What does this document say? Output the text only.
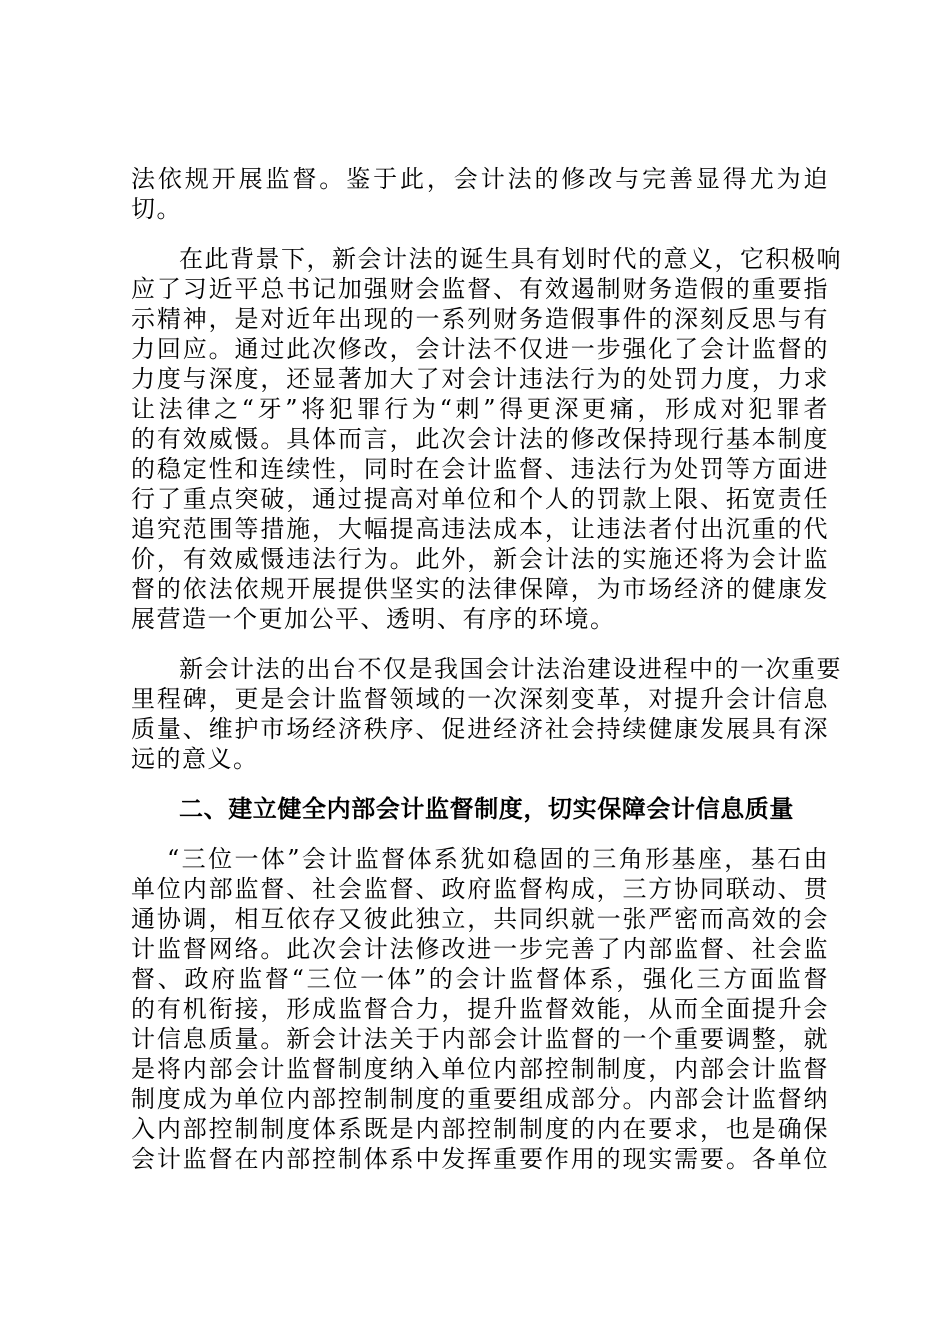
法依规开展监督。鉴于此，会计法的修改与完善显得尤为迫
切。
在此背景下，新会计法的诞生具有划时代的意义，它积极响
应了习近平总书记加强财会监督、有效遏制财务造假的重要指
示精神，是对近年出现的一系列财务造假事件的深刻反思与有
力回应。通过此次修改，会计法不仅进一步强化了会计监督的
力度与深度，还显著加大了对会计违法行为的处罚力度，力求
让法律之“牙”将犯罪行为“刺”得更深更痛，形成对犯罪者
的有效威慑。具体而言，此次会计法的修改保持现行基本制度
的稳定性和连续性，同时在会计监督、违法行为处罚等方面进
行了重点突破，通过提高对单位和个人的罚款上限、拓宽责任
追究范围等措施，大幅提高违法成本，让违法者付出沉重的代
价，有效威慑违法行为。此外，新会计法的实施还将为会计监
督的依法依规开展提供坚实的法律保障，为市场经济的健康发
展营造一个更加公平、透明、有序的环境。
新会计法的出台不仅是我国会计法治建设进程中的一次重要
里程碑，更是会计监督领域的一次深刻变革，对提升会计信息
质量、维护市场经济秩序、促进经济社会持续健康发展具有深
远的意义。
二、建立健全内部会计监督制度，切实保障会计信息质量
“三位一体”会计监督体系犹如稳固的三角形基座，基石由
单位内部监督、社会监督、政府监督构成，三方协同联动、贯
通协调，相互依存又彼此独立，共同织就一张严密而高效的会
计监督网络。此次会计法修改进一步完善了内部监督、社会监
督、政府监督“三位一体”的会计监督体系，强化三方面监督
的有机衔接，形成监督合力，提升监督效能，从而全面提升会
计信息质量。新会计法关于内部会计监督的一个重要调整，就
是将内部会计监督制度纳入单位内部控制制度，内部会计监督
制度成为单位内部控制制度的重要组成部分。内部会计监督纳
入内部控制制度体系既是内部控制制度的内在要求，也是确保
会计监督在内部控制体系中发挥重要作用的现实需要。各单位
